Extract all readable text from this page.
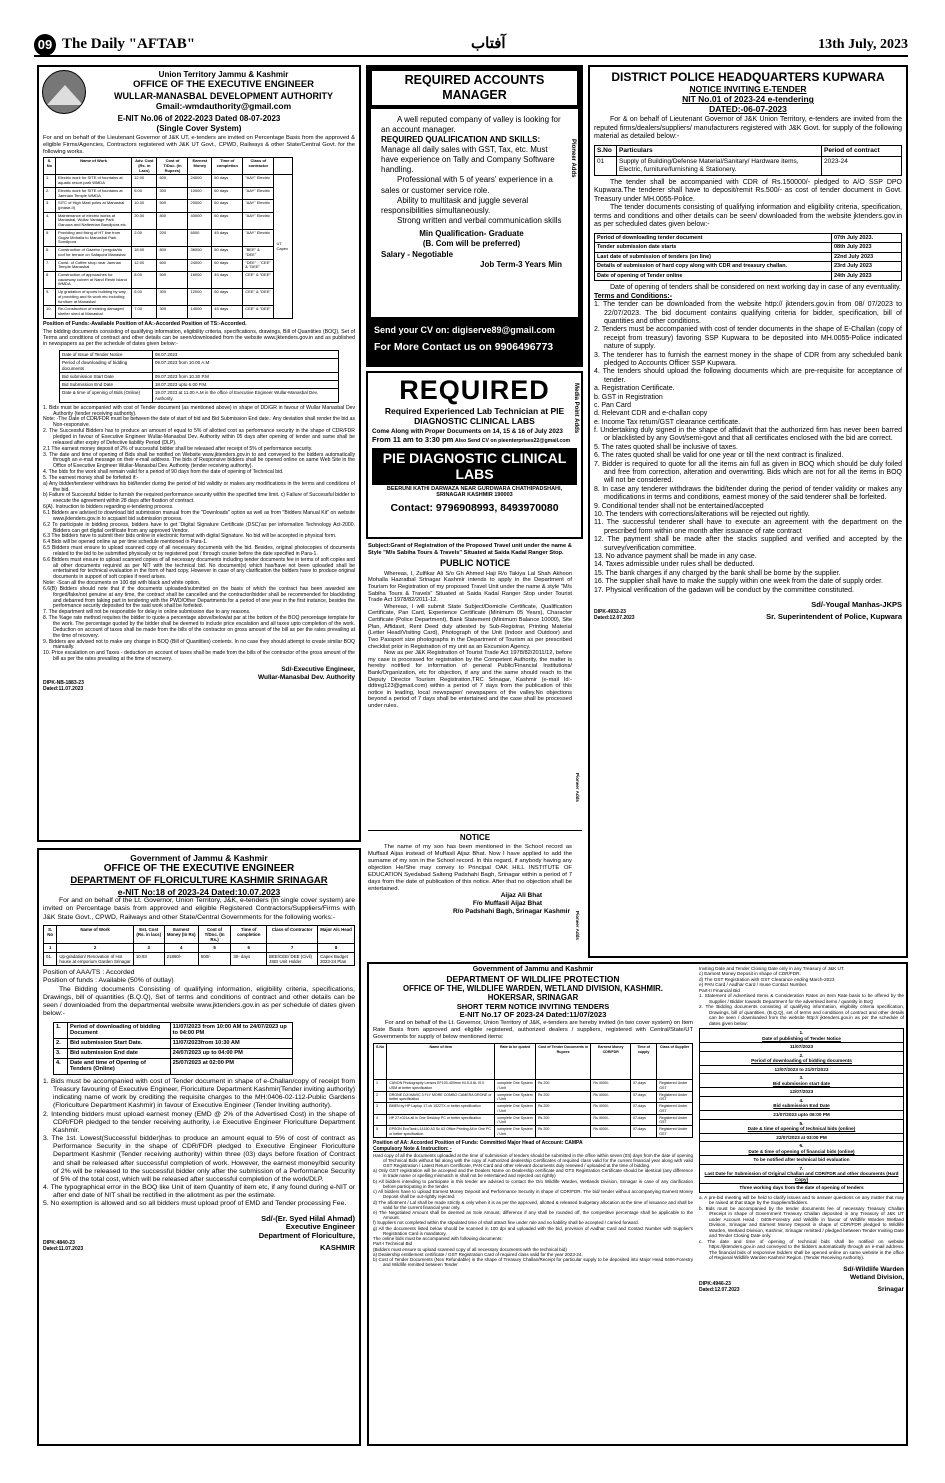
09 The Daily "AFTAB"	آفتاب	13th July, 2023
Union Territory Jammu & Kashmir
OFFICE OF THE EXECUTIVE ENGINEER
WULLAR-MANASBAL DEVELOPMENT AUTHORITY
Gmail:-wmdauthority@gmail.com
E-NIT No.06 of 2022-2023 Dated 08-07-2023
(Single Cover System)
For and on behalf of the Lieutenant Governor of J&K UT, e-tenders are invited on Percentage Basis from the approved & eligible Firms/Agencies, Contractors registered with J&K UT Govt., CPWD, Railways & other State/Central Govt. for the following works.
S. No	Name of Work	Adv. Cost (Rs. in Lacs)	Cost of T/Doc. (In Rupees)	Earnest Money	Time of completion	Class of contractor	
1.	Electric work for SITE of fountains at aquatic resort park WMDA	12.00	600	24000	60 days	"AAY" Electric	UT Capex
2.	Electric work for SITE of fountains at Jamnain Temple WMDA	5.00	300	10000	60 days	"AAY" Electric	
3.	SITC of High Mast poles at Manasbal (phase-II)	10.00	500	20000	60 days	"AAY" Electric	
4.	Maintenance of electric works at Manasbal, Wullar Vantage Park Garuora and Nafteerian Bandipora etc.	20.00	800	40000	60 days	"AAY" Electric	
5.	Providing and fixing of HT line from Gugar Mohalla to Manasbal Park Sondipora	2.00	200	6000	45 days	"AAY" Electric	
6.	Construction of Gazebo / pergola/tin roof for terrace on Safapora Manasbal	18.00	800	36000	60 days	"BEE" & "DEE"	
7.	Const. of Coffee shop near Jamnan Temple Manasbal	12.00	600	24000	60 days	"DEE" , "CEE" & "DEE"	
8.	Construction of approaches for causeway culvert at Nand Reshi Island WMDA	8.00	500	16000	45 days	CEE" & "DEE"	
9.	Up gradation of sports building by way of providing and fix work etc including furniture at Manasbal	6.00	300	12000	60 days	CEE" & "DEE"	
10.	Re-Construction of existing damaged shelter shed at Manasbal	7.00	300	14000	45 days	CEE" & "DEE"	
Position of Funds:-Available Position of AA:-Accorded Position of TS:-Accorded.
The bidding documents consisting of qualifying information, eligibility criteria, specifications, drawings, Bill of Quantities (BOQ), Set of Terms and conditions of contract and other details can be seen/downloaded from the website www.jktenders.gov.in and as published in newspapers as per the schedule of dates given below:-
Date of Issue of Tender Notice	08.07.2023
Period of downloading of bidding documents	09.07.2023 from 10.00 A.M
Bid submission Start Date	09.07.2023 from 10.30 P.M
Bid Submission End Date	18.07.2023 upto 6.00 P.M.
Date & time of opening of Bids (Online)	19.07.2023 at 11.00 A.M in the office of Executive Engineer Wullar-Manasbal Dev. Authority.
1. Bids must be accompanied with cost of Tender document (as mentioned above) in shape of DD/GR in favour of Wullar Manasbal Dev Authority (tender receiving authority).
Note: -The Date of CDR/FDR must be between the date of start of bid and Bid Submission End date.: Any deviation shall render the bid as Non-responsive.
2. The Successful Bidders has to produce an amount of equal to 5% of allotted cost as performance security in the shape of CDR/FDR pledged in favour of Executive Engineer Wullar-Manasbal Dev. Authority within 05 days after opening of tender and same shall be released after expiry of Defective liability Period (DLP).
2.1 The earnest money deposit of 2% of successful bidder shall be released after receipt of 5% of performance security.
3. The date and time of opening of Bids shall be notified on Website www.jktenders.gov.in to and conveyed to the bidders automatically through an e-mail message on their e-mail address. The bids of Responsive bidders shall be opened online on same Web Site in the Office of Executive Engineer Wullar-Manasbal Dev. Authority (tender receiving authority).
4. The bids for the work shall remain valid for a period of 90 days from the date of opening of Technical bid.
5. The earnest money shall be forfeited if:-
a) Any bidder/tenderer withdraws his bid/tender during the period of bid validity or makes any modifications in the terms and conditions of the bid.
b) Failure of Successful bidder to furnish the required performance security within the specified time limit. c) Failure of Successful bidder to execute the agreement within 28 days after fixation of contract.
6(A). Instruction to bidders regarding e-tendering process.
6.1 Bidders are advised to download bid submission manual from the "Downloads" option as well as from "Bidders Manual Kit" on website www.jktenders.gov.in to acquaint bid submission process.
6.2 To participate in bidding process, bidders have to get 'Digital Signature Certificate (DSC)'as per information Technology Act-2000. Bidders can get digital certificate from any approved Vendor.
6.3 The bidders have to submit their bids online in electronic format with digital Signature. No bid will be accepted in physical form.
6.4 Bids will be opened online as per time schedule mentioned in Para-1.
6.5 Bidders must ensure to upload scanned copy of all necessary documents with the bid. Besides, original photocopies of documents related to the bid to be submitted physically or by registered post / through courier before the date specified in Para-1.
6.6 Bidders must ensure to upload scanned copies of all necessary documents including tender documents fee in terms of soft copies and all other documents required as per NIT with the technical bid. No document(s) which has/have not been uploaded shall be entertained for technical evaluation in the form of hard copy. However in case of any clarification the bidders have to produce original documents in support of soft copies if need arises.
Note: -Scan all the documents on 100 dpi with black and white option.
6.6(B) Bidders should note that if the documents uploaded/submitted on the basis of which the contract has been awarded are forged/fake/not genuine at any time, the contract shall be cancelled and the contractor/bidder shall be recommended for blacklisting and debarred from taking part in tendering with the PWD/Other Departments for a period of one year in the first instance, besides the performance security deposited for the said work shall be forfeited.
7. The department will not be responsible for delay in online submission due to any reasons.
8. The %age rate method requires the bidder to quote a percentage above/below/at par at the bottom of the BOQ percentage template for the work. The percentage quoted by the bidder shall be deemed to include price escalation and all taxes upto completion of the work. Deduction on account of taxes shall be made from the bills of the contractor on gross amount of the bill as per the rates prevailing at the time of recovery.
9. Bidders are advised not to make any change in BOQ (Bill of Quantities) contents. In no case they should attempt to create similar BOQ manually.
10. Price escalation on and Taxes - deduction on account of taxes shall be made from the bills of the contractor of the gross amount of the bill as per the rates prevailing at the time of recovery.
Sd/-Executive Engineer,
Wullar-Manasbal Dev. Authority
DIPK-NB-1883-23
Dated:11.07.2023
REQUIRED ACCOUNTS MANAGER
Pioneer Adds
A well reputed company of valley is looking for an account manager.
REQUIRED QUALIFICATION AND SKILLS:
Manage all daily sales with GST, Tax, etc. Must have experience on Tally and Company Software handling.
Professional with 5 of years' experience in a sales or customer service role.
Ability to multitask and juggle several responsibilities simultaneously.
Strong written and verbal communication skills
Min Qualification- Graduate
(B. Com will be preferred)
Salary - Negotiable
Job Term-3 Years Min
Send your CV on: digiserve89@gmail.com
For More Contact us on 9906496773
Media Point Adds
REQUIRED
Required Experienced Lab Technician at PIE DIAGNOSTIC CLINICAL LABS
Come Along with Proper Documents on 14, 15 & 16 of July 2023
From 11 am to 3:30 pm Also Send CV on pieenterprises22@gmail.com
PIE DIAGNOSTIC CLINICAL LABS
BEERUNI KATHI DARWAZA NEAR GURDWARA CHATHIPADSHAHI, SRINAGAR KASHMIR 190003
Contact: 9796908993, 8493970080
Pioneer Adds
Subject:Grant of Registration of the Proposed Travel unit under the name & Style "M/s Sabiha Tours & Travels" Situated at Saida Kadal Ranger Stop.
PUBLIC NOTICE
Whereas, I, Zulfikar Ali S/o Gh Ahmed Haji R/o Takiya Lal Shah Akhoon Mohalla Hazratbal Srinagar Kashmir intends to apply in the Department of Tourism for Registration of my proposed Travel Unit under the name & style "M/s Sabiha Tours & Travels" Situated at Saida Kadal Ranger Stop under Tourist Trade Act 1978/82/2011-12.
Whereas, I will submit State Subject/Domicile Certificate, Qualification Certificate, Pan Card, Experience Certificate (Minimum 05 Years), Character Certificate (Police Department), Bank Statement (Minimum Balance 10000), Site Plan, Affidavit, Rent Deed duly attested by Sub-Registrar, Printing Material (Letter Head/Visiting Card), Photograph of the Unit (Indoor and Outdoor) and Two Passport size photographs in the Department of Tourism as per prescribed checklist prior in Registration of my unit as an Excursion Agency.
Now as per J&K Registration of Tourist Trade Act 1978/82/2011/12, before my case is processed for registration by the Competent Authority, the matter is hereby notified for information of general Public/Financial Institutions/ Bank/Organization, etc for objection, if any and the same should reach to the Deputy Director Tourism Registration,TRC Srinagar, Kashmir (e-mail Id:-ddtreg123@gmail.com) within a period of 7 days from the publication of this notice in leading, local newspaper/ newspapers of the valley.No objections beyond a period of 7 days shall be entertained and the case shall be processed under rules.
Pioneer Adds
NOTICE
The name of my son has been mentioned in the School record as Muffasil Aijas instead of Muffasil Aijaz Bhat. Now I have applied to add the surname of my son in the School record. In this regard, if anybody having any objection He/She may convey to Principal OAK HILL INSTITUTE OF EDUCATION Syedabad Salteng Padshahi Bagh, Srinagar within a period of 7 days from the date of publication of this notice. After that no objection shall be entertained.
Aijaz Ali Bhat
F/o Muffasil Aijaz Bhat
R/o Padshahi Bagh, Srinagar Kashmir
DISTRICT POLICE HEADQUARTERS KUPWARA
NOTICE INVITING E-TENDER
NIT No.01 of 2023-24 e-tendering
DATED:-06-07-2023
For & on behalf of Lieutenant Governor of J&K Union Territory, e-tenders are invited from the reputed firms/dealers/suppliers/ manufacturers registered with J&K Govt. for supply of the following material as detailed below:-
S.No	Particulars	Period of contract
01	Supply of Building/Defense Material/Sanitary/ Hardware items, Electric, furniture/furnishing & Stationery.	2023-24
The tender shall be accompanied with CDR of Rs.150000/- pledged to A/O SSP DPO Kupwara.The tenderer shall have to deposit/remit Rs.500/- as cost of tender document in Govt. Treasury under MH.0055-Police.
The tender documents consisting of qualifying information and eligibility criteria, specification, terms and conditions and other details can be seen/ downloaded from the website jktenders.gov.in as per scheduled dates given below:-
Period of downloading tender document	07th July 2023.
Tender submission date starts	08th July 2023
Last date of submission of tenders (on line)	22nd July 2023
Details of submission of hard copy along with CDR and treasury challan.	23rd July 2023
Date of opening of Tender online	24th July 2023
Date of opening of tenders shall be considered on next working day in case of any eventuality.
Terms and Conditions:-
1. The tender can be downloaded from the website http:// jktenders.gov.in from 08/ 07/2023 to 22/07/2023. The bid document contains qualifying criteria for bidder, specification, bill of quantities and other conditions.
2. Tenders must be accompanied with cost of tender documents in the shape of E-Challan (copy of receipt from treasury) favoring SSP Kupwara to be deposited into MH.0055-Police indicated nature of supply.
3. The tenderer has to furnish the earnest money in the shape of CDR from any scheduled bank pledged to Accounts Officer SSP Kupwara.
4. The tenders should upload the following documents which are pre-requisite for acceptance of tender.
a. Registration Certificate.
b. GST in Registration
c. Pan Card
d. Relevant CDR and e-challan copy
e. Income Tax return/GST clearance certificate.
f. Undertaking duly signed in the shape of affidavit that the authorized firm has never been barred or blacklisted by any Govt/semi-govt and that all certificates enclosed with the bid are correct.
5. The rates quoted shall be inclusive of taxes.
6. The rates quoted shall be valid for one year or till the next contract is finalized.
7. Bidder is required to quote for all the items ain full as given in BOQ which should be duly foiled and free from correction, alteration and overwriting. Bids which are not for all the items in BOQ will not be considered.
8. In case any tenderer withdraws the bid/tender during the period of tender validity or makes any modifications in terms and conditions, earnest money of the said tenderer shall be forfeited.
9. Conditional tender shall not be entertained/accepted
10. The tenders with corrections/alterations will be rejected out rightly.
11. The successful tenderer shall have to execute an agreement with the department on the prescribed form within one month after issuance of rate contract
12. The payment shall be made after the stacks supplied and verified and accepted by the survey/verification committee.
13. No advance payment shall be made in any case.
14. Taxes admissible under rules shall be deducted.
15. The bank charges if any charged by the bank shall be borne by the supplier.
16. The supplier shall have to make the supply within one week from the date of supply order.
17. Physical verification of the gadawn will be conduct by the committee constituted.
Sd/-Yougal Manhas-JKPS
DIPK-4932-23
Dated:12.07.2023	Sr. Superintendent of Police, Kupwara
Government of Jammu & Kashmir
OFFICE OF THE EXECUTIVE ENGINEER
DEPARTMENT OF FLORICULTURE KASHMIR SRINAGAR
e-NIT No:18 of 2023-24 Dated:10.07.2023
For and on behalf of the Lt. Governor, Union Territory, J&K, e-tenders (In single cover system) are invited on Percentage basis from approved and eligible Registered Contractors/Suppliers/Firms with J&K State Govt., CPWD, Railways and other State/Central Governments for the following works:-
S. No	Name of Work	Est. Cost (Rs. in lacs)	Earnest Money (In Rs)	Cost of T/Doc. (In Rs.)	Time of completion	Class of Contractor	Major A/c Head
1	2	3	4	5	6	7	8
01.	Up-gradation/ Renovation of Hot house at emporium Garden Srinagar	10.93	21880/-	500/-	30- days	BEE/CEE/ DEE (Civil) JSEI Unit Holder	Capex Budget 2023-24 Plan
Position of AAA/TS : Accorded
Position of funds : Available (50% of outlay)
The Bidding documents Consisting of qualifying information, eligibility criteria, specifications, Drawings, bill of quantities (B.Q.Q), Set of terms and conditions of contract and other details can be seen / downloaded from the departmental website www.jktenders.gov.in as per schedule of dates given below:-
1.	Period of downloading of bidding Document	11/07/2023 from 10:00 AM to 24/07/2023 up to 04:00 PM
2.	Bid submission Start Date.	11/07/2023from 10:30 AM
3.	Bid submission End date	24/07/2023 up to 04:00 PM
4.	Date and time of Opening of Tenders (Online)	25/07/2023 at 02:00 PM
1. Bids must be accompanied with cost of Tender document in shape of e-Challan/copy of receipt from Treasury favouring of Executive Engineer, Floriculture Department Kashmir(Tender inviting authority) indicating name of work by crediting the requisite charges to the MH:0406-02-112-Public Gardens (Floriculture Department Kashmir) in favour of Executive Engineer (Tender Inviting authority).
2. Intending bidders must upload earnest money (EMD @ 2% of the Advertised Cost) in the shape of CDR/FDR pledged to the tender receiving authority, i.e Executive Engineer Floriculture Department Kashmir.
3. The 1st. Lowest(Successful bidder)has to produce an amount equal to 5% of cost of contract as Performance Security in the shape of CDR/FDR pledged to Executive Engineer Floriculture Department Kashmir (Tender receiving authority) within three (03) days before fixation of Contract and shall be released after successful completion of work. However, the earnest money/bid security of 2% will be released to the successful bidder only after the submission of a Performance Security of 5% of the total cost, which will be released after successful completion of the work/DLP.
4. The typographical error in the BOQ like Unit of item Quantity of item etc, if any found during e-NIT or after end date of NIT shall be rectified in the allotment as per the estimate.
5. No exemption is allowed and so all bidders must upload proof of EMD and Tender processing Fee.
Sd/-(Er. Syed Hilal Ahmad)
Executive Engineer
Department of Floriculture,
DIPK:4840-23
Dated:11.07.2023	KASHMIR
Government of Jammu and Kashmir
DEPARTMENT OF WILDLIFE PROTECTION
OFFICE OF THE, WILDLIFE WARDEN, WETLAND DIVISION, KASHMIR.
HOKERSAR, SRINAGAR
SHORT TERM NOTICE INVITING TENDERS
E-NIT No.17 OF 2023-24 Dated:11/07/2023
For and on behalf of the Lt. Governor, Union Territory of J&K, e-tenders are hereby invited (in two cover system) on Item Rate Basis from approved and eligible registered, authorized dealers / suppliers, registered with Central/State/UT Governments for supply of below mentioned items:
S.No	Name of item	Rate to be quoted	Cost of Tender Documents in Rupees	Earnest Money CDR/FDR	Time of supply	Class of Supplier
1	CANON Photography Lenses EF100-400mm f/4.5-5.6L IS II USM at better specification	complete One System / Unit	Rs 200	Rs 4000/-	07-days	Registered Under GST
2	DRONE DJI MAVIC 3 FLY MORE COMBO CAMERA DRONE or better specification	complete One System / Unit	Rs 200	Rs 4000/-	07-days	Registered Under GST
3	BMEN by HP Laptop 17-ck 1022TX or better specification	complete One System / Unit	Rs 200	Rs 4000/-	07-days	Registered Under GST
4	HP 27-r021a all in One Desktop PC or better specification	complete One System / Unit	Rs 200	Rs 4000/-	07-days	Registered Under GST
5	EPSON EcoTank L14150 A3 Sc A3 Office Printing All in One PC or better specification	complete One System / Unit	Rs 200	Rs 4000/-	07-days	Registered Under GST
Position of AA: Accorded Position of Funds: Committed Major Head of Account: CAMPA
Compulsory Note & Instruction: -
Hard copy of all the documents uploaded at the time of submission of tenders should be submitted in the office within seven (03) days from the date of opening of Technical Bids without fail along with the copy of Authorized dealership Certificates of required class valid for the current financial year along with valid GST Registration / Latest Return Certificate, PAN Card and other relevant documents duly renewed / uploaded at the time of bidding.
a) Only GST registration will be accepted and the Dealers Name on Dealership certificate and GTS Registration Certificate should be identical (any difference in trade name or spelling mismatch in shall not be entertained and rejected out rightly)
b) All bidders intending to participate in this tender are advised to contact the O/o Wildlife Warden, Wetlands Division, Srinagar in case of any clarification before participating in the tender.
c) All bidders have to upload Earnest Money Deposit and Performance Security in shape of CDR/FDR. The bid/ tender without accompanying Earnest Money Deposit shall be out-rightly rejected.
d) The allotment / Lal shall be made strictly & only when it is as per the approved, allotted & released budgetary allocation at the time of issuance and shall be valid for the current financial year only.
e) The Negotiated Amount shall be deemed as Sole Amount, difference if any shall be rounded off, the competitive percentage shall be applicable to the Amount.
f) Suppliers not completed within the stipulated time of shall attract fine under rule and no liability shall be accepted / carried forward.
g) All the documents listed below should be scanned in 100 dpi and uploaded with the bid, provision of Aadhar Card and Contact Number with Supplier's Registration Card is mandatory.
The online bids must be accompanied with following documents:
Part-I Technical Bid
(Bidders must ensure to upload scanned copy of all necessary documents with the technical bid)
a) Dealership entitlement certificate / GST Registration Card of required class valid for the year 2023-24.
b) Cost of Tender Documents (Non Refundable) in the shape of Treasury Challan/Receipt for particular supply to be deposited into Major Head 0406-Forestry and Wildlife remitted between Tender
Inviting Date and Tender Closing Date only in any Treasury of J&K UT.
c) Earnest Money Deposit in shape of CDR/FDR.
d) The GST Registration with GST Clearance ending March-2023
e) PAN Card / Aadhar Card / Inuse Contact Number.
Part-II Financial Bid
1. Statement of Advertised Items & Consideration Rates on Item Rate basis to be offered by the Supplier / Bidder towards Department for the advertised items / quantity in BoQ
2. The Bidding documents consisting of qualifying information, eligibility criteria specification, Drawings, bill of quantities, (B.Q.Q), set of terms and conditions of contract and other details can be seen / downloaded from the website http:// jktenders.gov.in as per the schedule of dates given below:
1.
Date of publishing of Tender Notice
11/07/2023
2.
Period of downloading of bidding documents
12/07/2023 to 21/07/2023
3.
Bid submission start date
12/07/2023
4.
Bid submission End Date
21/07/2023 upto 06:00 PM
5.
Date & time of opening of technical bids (online)
22/07/2023 at 03:00 PM
6.
Date & time of opening of financial bids (online)
To be notified after technical bid evaluation
7.
Last Date for Submission of Original Challan and CDR/FDR and other documents (Hard Copy)
Three working days from the date of opening of tenders
a. A pre-bid meeting will be held to clarify issues and to answer questions on any matter that may be raised at that stage by the Suppliers/bidders.
b. Bids must be accompanied by the tender documents fee of necessary Treasury Challan /Receipt in shape of Government Treasury Challan deposited in any Treasury of J&K UT under Account Head : 0406-Forestry and Wildlife in favour of Wildlife Warden Wetland Division, Srinagar and Earnest Money Deposit in shape of CDR/FDR pledged to Wildlife Warden, Wetland Division, Kashmir, Srinagar remitted / pledged between Tender Inviting Date and Tender Closing Date only.
c. The date and time of opening of technical bids shall be notified on website https://jktenders.gov.in and conveyed to the bidders automatically through an e-mail address. The financial bids of responsive bidders shall be opened online on same website in the office of Regional Wildlife Warden Kashmir Region. (Tender Receiving Authority).
Sd/-Wildlife Warden
Wetland Division,
DIPK:4946-23
Dated:12.07.2023	Srinagar
